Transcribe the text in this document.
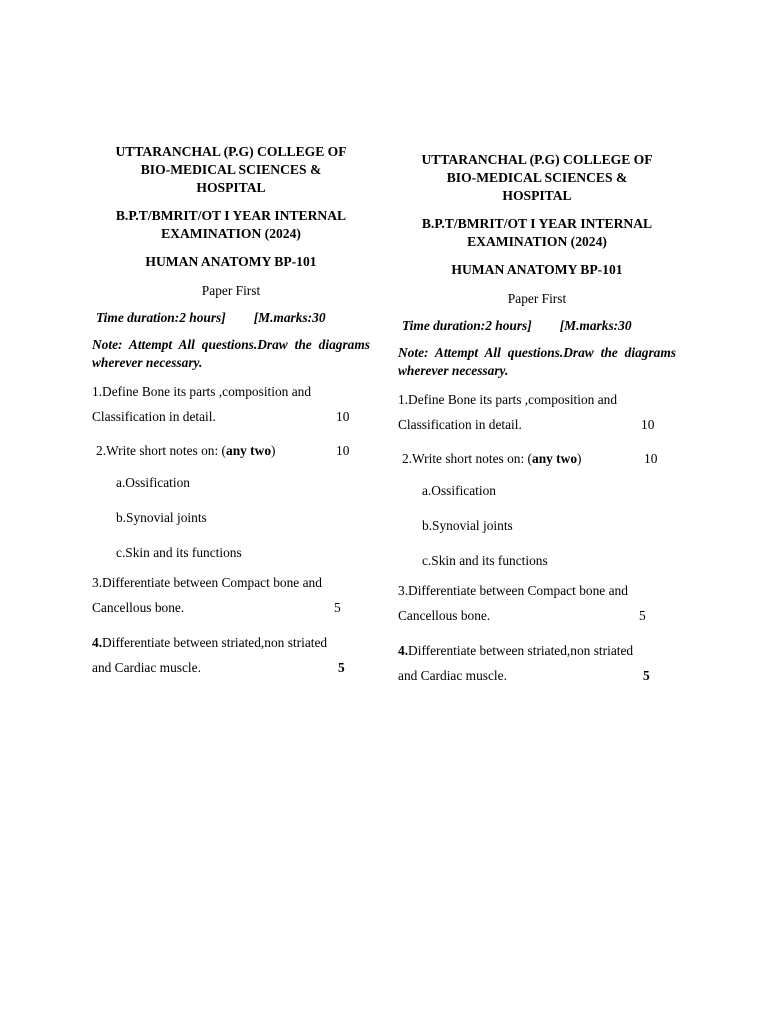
UTTARANCHAL (P.G) COLLEGE OF
BIO-MEDICAL SCIENCES &
HOSPITAL
B.P.T/BMRIT/OT I YEAR INTERNAL
EXAMINATION (2024)
HUMAN ANATOMY BP-101
Paper First
Time duration:2 hours] [M.marks:30
Note: Attempt All questions.Draw the diagrams wherever necessary.
1.Define Bone its parts ,composition and
Classification in detail.	10
2.Write short notes on: (any two)	10
a.Ossification
b.Synovial joints
c.Skin and its functions
3.Differentiate between Compact bone and
Cancellous bone.	5
4.Differentiate between striated,non striated
and Cardiac muscle.	5
UTTARANCHAL (P.G) COLLEGE OF
BIO-MEDICAL SCIENCES &
HOSPITAL
B.P.T/BMRIT/OT I YEAR INTERNAL
EXAMINATION (2024)
HUMAN ANATOMY BP-101
Paper First
Time duration:2 hours] [M.marks:30
Note: Attempt All questions.Draw the diagrams wherever necessary.
1.Define Bone its parts ,composition and
Classification in detail.	10
2.Write short notes on: (any two)	10
a.Ossification
b.Synovial joints
c.Skin and its functions
3.Differentiate between Compact bone and
Cancellous bone.	5
4.Differentiate between striated,non striated
and Cardiac muscle.	5
